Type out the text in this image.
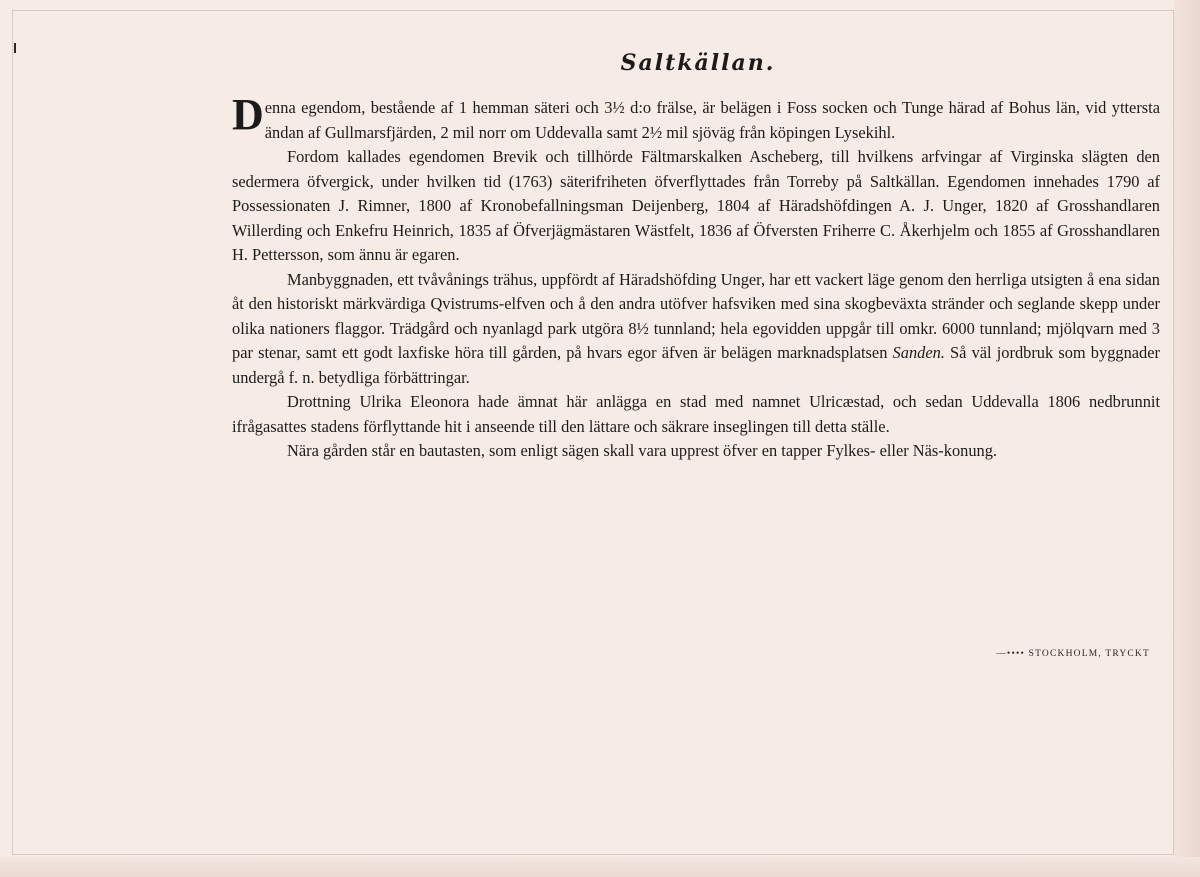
Saltkällan.

Denna egendom, bestående af 1 hemman säteri och 3½ d:o frälse, är belägen i Foss socken och Tunge härad af Bohus län, vid yttersta ändan af Gullmarsfjärden, 2 mil norr om Uddevalla samt 2½ mil sjöväg från köpingen Lysekihl.

Fordom kallades egendomen Brevik och tillhörde Fältmarskalken Ascheberg, till hvilkens arfvingar af Virginska slägten den sedermera öfvergick, under hvilken tid (1763) säterifriheten öfverflyttades från Torreby på Saltkällan. Egendomen innehades 1790 af Possessionaten J. Rimner, 1800 af Kronobefallningsman Deijenberg, 1804 af Häradshöfdingen A. J. Unger, 1820 af Grosshandlaren Willerding och Enkefru Heinrich, 1835 af Öfverjägmästaren Wästfelt, 1836 af Öfversten Friherre C. Åkerhjelm och 1855 af Grosshandlaren H. Pettersson, som ännu är egaren.

Manbyggnaden, ett tvåvånings trähus, uppfördt af Häradshöfding Unger, har ett vackert läge genom den herrliga utsigten å ena sidan åt den historiskt märkvärdiga Qvistrums-elfven och å den andra utöfver hafsviken med sina skogbeväxta stränder och seglande skepp under olika nationers flaggor. Trädgård och nyanlagd park utgöra 8½ tunnland; hela egovidden uppgår till omkr. 6000 tunnland; mjölqvarn med 3 par stenar, samt ett godt laxfiske höra till gården, på hvars egor äfven är belägen marknadsplatsen Sanden. Så väl jordbruk som byggnader undergå f. n. betydliga förbättringar.

Drottning Ulrika Eleonora hade ämnat här anlägga en stad med namnet Ulricæstad, och sedan Uddevalla 1806 nedbrunnit ifrågasattes stadens förflyttande hit i anseende till den lättare och säkrare inseglingen till detta ställe.

Nära gården står en bautasten, som enligt sägen skall vara upprest öfver en tapper Fylkes- eller Näs-konung.

—•••• STOCKHOLM, TRYCKT
